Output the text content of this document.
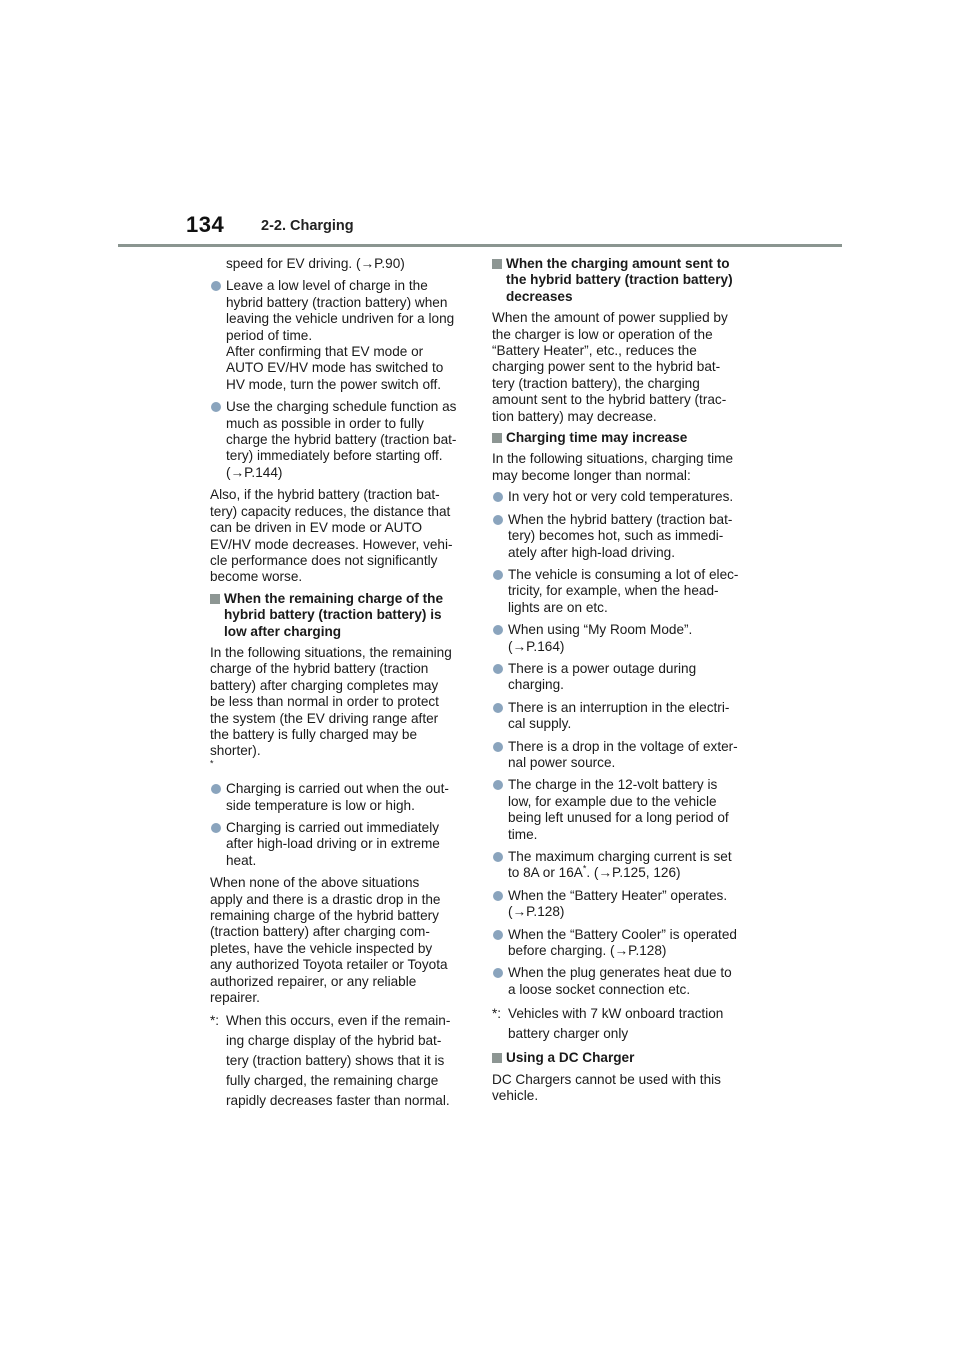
134	2-2. Charging
speed for EV driving. (→P.90)
Leave a low level of charge in the
hybrid battery (traction battery) when
leaving the vehicle undriven for a long
period of time.
After confirming that EV mode or
AUTO EV/HV mode has switched to
HV mode, turn the power switch off.
Use the charging schedule function as
much as possible in order to fully
charge the hybrid battery (traction bat-
tery) immediately before starting off.
(→P.144)
Also, if the hybrid battery (traction bat-
tery) capacity reduces, the distance that
can be driven in EV mode or AUTO
EV/HV mode decreases. However, vehi-
cle performance does not significantly
become worse.
When the remaining charge of the
hybrid battery (traction battery) is
low after charging
In the following situations, the remaining
charge of the hybrid battery (traction
battery) after charging completes may
be less than normal in order to protect
the system (the EV driving range after
the battery is fully charged may be
shorter).
*
Charging is carried out when the out-
side temperature is low or high.
Charging is carried out immediately
after high-load driving or in extreme
heat.
When none of the above situations
apply and there is a drastic drop in the
remaining charge of the hybrid battery
(traction battery) after charging com-
pletes, have the vehicle inspected by
any authorized Toyota retailer or Toyota
authorized repairer, or any reliable
repairer.
*: When this occurs, even if the remain-
ing charge display of the hybrid bat-
tery (traction battery) shows that it is
fully charged, the remaining charge
rapidly decreases faster than normal.
When the charging amount sent to
the hybrid battery (traction battery)
decreases
When the amount of power supplied by
the charger is low or operation of the
“Battery Heater”, etc., reduces the
charging power sent to the hybrid bat-
tery (traction battery), the charging
amount sent to the hybrid battery (trac-
tion battery) may decrease.
Charging time may increase
In the following situations, charging time
may become longer than normal:
In very hot or very cold temperatures.
When the hybrid battery (traction bat-
tery) becomes hot, such as immedi-
ately after high-load driving.
The vehicle is consuming a lot of elec-
tricity, for example, when the head-
lights are on etc.
When using “My Room Mode”.
(→P.164)
There is a power outage during
charging.
There is an interruption in the electri-
cal supply.
There is a drop in the voltage of exter-
nal power source.
The charge in the 12-volt battery is
low, for example due to the vehicle
being left unused for a long period of
time.
The maximum charging current is set
to 8A or 16A*. (→P.125, 126)
When the “Battery Heater” operates.
(→P.128)
When the “Battery Cooler” is operated
before charging. (→P.128)
When the plug generates heat due to
a loose socket connection etc.
*: Vehicles with 7 kW onboard traction
battery charger only
Using a DC Charger
DC Chargers cannot be used with this
vehicle.
